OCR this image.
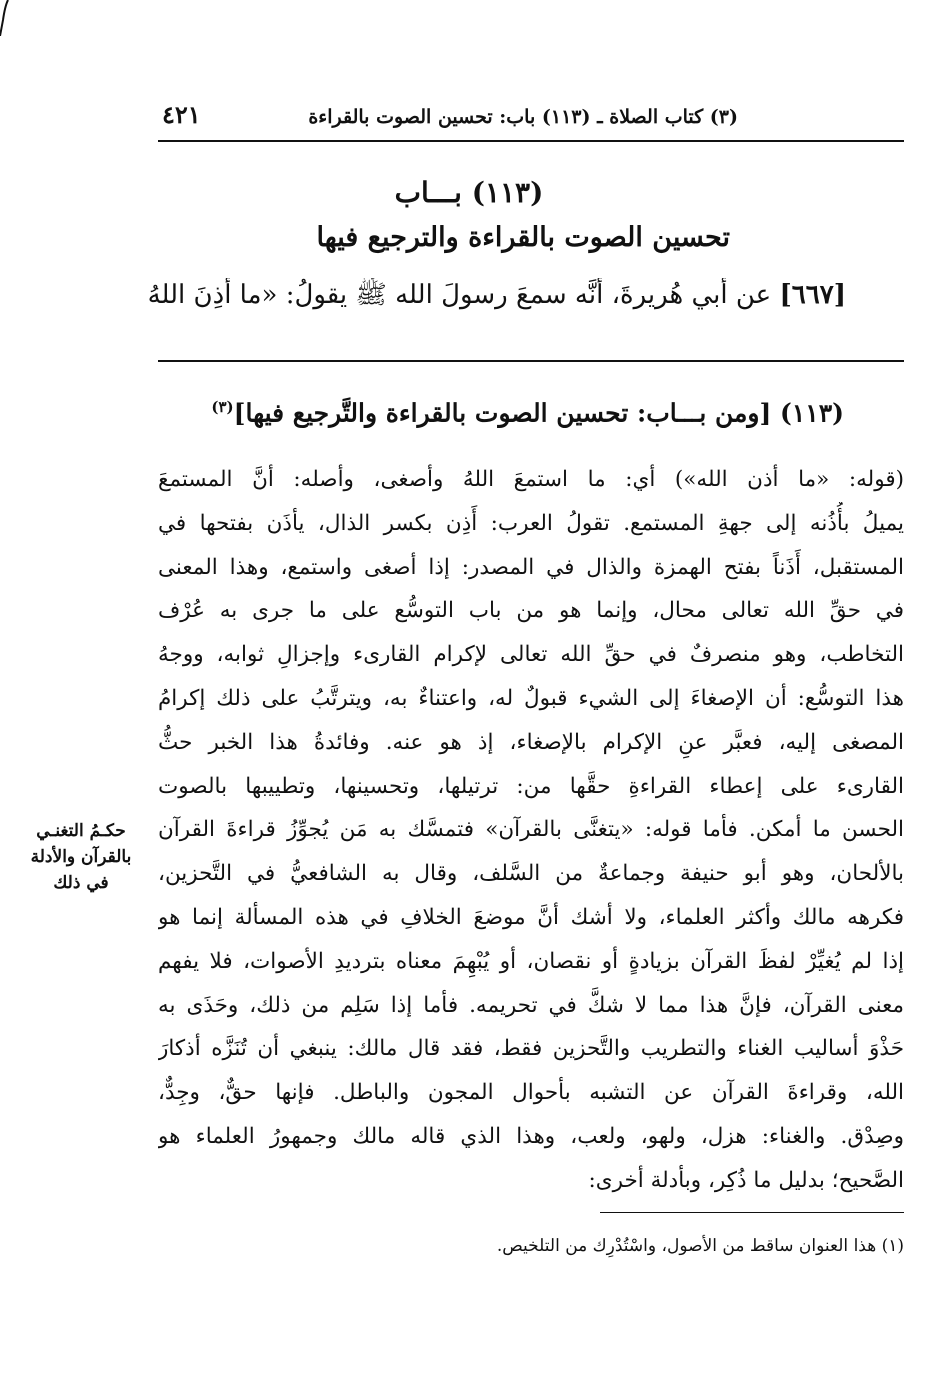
٤٢١	(٣) كتاب الصلاة ـ (١١٣) باب: تحسين الصوت بالقراءة
(١١٣) بـــاب
تحسين الصوت بالقراءة والترجيع فيها
[٦٦٧] عن أبي هُريرةَ، أنَّه سمعَ رسولَ الله ﷺ يقولُ: «ما أَذِنَ اللهُ
(١١٣) [ومن بـــاب: تحسين الصوت بالقراءة والتَّرجيع فيها]$^{(٣)}$
(قوله: «ما أذن الله») أي: ما استمعَ اللهُ وأصغى، وأصله: أنَّ المستمعَ
يميلُ بأُذُنه إلى جهةِ المستمع. تقولُ العرب: أَذِن بكسر الذال، يأذَن بفتحها في
المستقبل، أَذَناً بفتح الهمزة والذال في المصدر: إذا أصغى واستمع، وهذا المعنى
في حقِّ الله تعالى محال، وإنما هو من باب التوسُّع على ما جرى به عُرْف
التخاطب، وهو منصرفٌ في حقِّ الله تعالى لإكرام القارىء وإجزالِ ثوابه، ووجهُ
هذا التوسُّع: أن الإصغاءَ إلى الشيء قبولٌ له، واعتناءٌ به، ويترتَّبُ على ذلك إكرامُ
المصغى إليه، فعبَّر عنِ الإكرام بالإصغاء، إذ هو عنه. وفائدةُ هذا الخبر حثُّ
القارىء على إعطاء القراءةِ حقَّها من: ترتيلها، وتحسينها، وتطييبها بالصوت
الحسن ما أمكن. فأما قوله: «يتغنَّى بالقرآن» فتمسَّك به مَن يُجوِّزُ قراءةَ القرآن
بالألحان، وهو أبو حنيفة وجماعةٌ من السَّلف، وقال به الشافعيُّ في التَّحزين،
فكرهه مالك وأكثر العلماء، ولا أشك أنَّ موضعَ الخلافِ في هذه المسألة إنما هو
إذا لم يُغيِّرْ لفظَ القرآن بزيادةٍ أو نقصان، أو يُبْهِمَ معناه بترديدِ الأصوات، فلا يفهم
معنى القرآن، فإنَّ هذا مما لا شكَّ في تحريمه. فأما إذا سَلِم من ذلك، وحَذَى به
حَذْوَ أساليب الغناء والتطريب والتَّحزين فقط، فقد قال مالك: ينبغي أن تُنَزَّه أذكارَ
الله، وقراءةَ القرآن عن التشبه بأحوال المجون والباطل. فإنها حقٌّ، وجِدٌّ،
وصِدْق. والغناء: هزل، ولهو، ولعب، وهذا الذي قاله مالك وجمهورُ العلماء هو
الصَّحيح؛ بدليل ما ذُكِر، وبأدلة أخرى:
حكـمُ التغنـي
بالقرآن والأدلة
في ذلك
(١) هذا العنوان ساقط من الأصول، واسْتُدْرِك من التلخيص.
